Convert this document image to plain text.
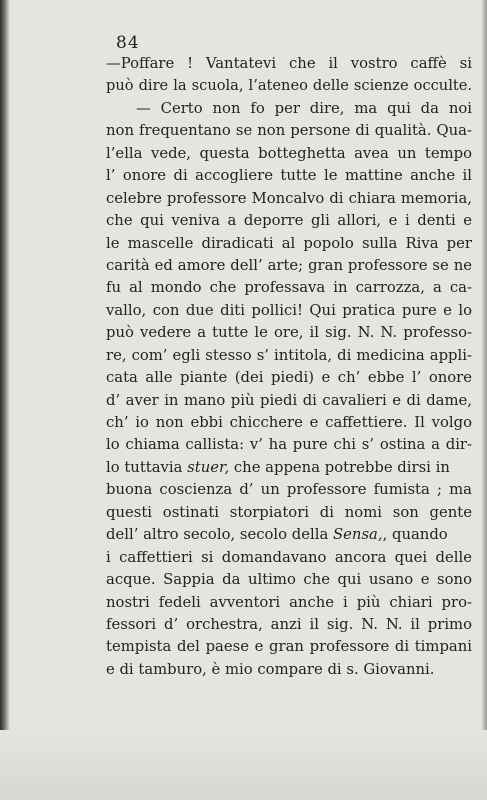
84
—Poffare ! Vantatevi che il vostro caffè si
può dire la scuola, l’ateneo delle scienze occulte.
— Certo non fo per dire, ma qui da noi
non frequentano se non persone di qualità. Qua-
l’ella vede, questa botteghetta avea un tempo
l’ onore di accogliere tutte le mattine anche il
celebre professore Moncalvo di chiara memoria,
che qui veniva a deporre gli allori, e i denti e
le mascelle diradicati al popolo sulla Riva per
carità ed amore dell’ arte; gran professore se ne
fu al mondo che professava in carrozza, a ca-
vallo, con due diti pollici! Qui pratica pure e lo
può vedere a tutte le ore, il sig. N. N. professo-
re, com’ egli stesso s’ intitola, di medicina appli-
cata alle piante (dei piedi) e ch’ ebbe l’ onore
d’ aver in mano più piedi di cavalieri e di dame,
ch’ io non ebbi chicchere e caffettiere. Il volgo
lo chiama callista: v’ ha pure chi s’ ostina a dir-
lo tuttavia stuer, che appena potrebbe dirsi in
buona coscienza d’ un professore fumista ; ma
questi ostinati storpiatori di nomi son gente
dell’ altro secolo, secolo della Sensa,, quando
i caffettieri si domandavano ancora quei delle
acque. Sappia da ultimo che qui usano e sono
nostri fedeli avventori anche i più chiari pro-
fessori d’ orchestra, anzi il sig. N. N. il primo
tempista del paese e gran professore di timpani
e di tamburo, è mio compare di s. Giovanni.
